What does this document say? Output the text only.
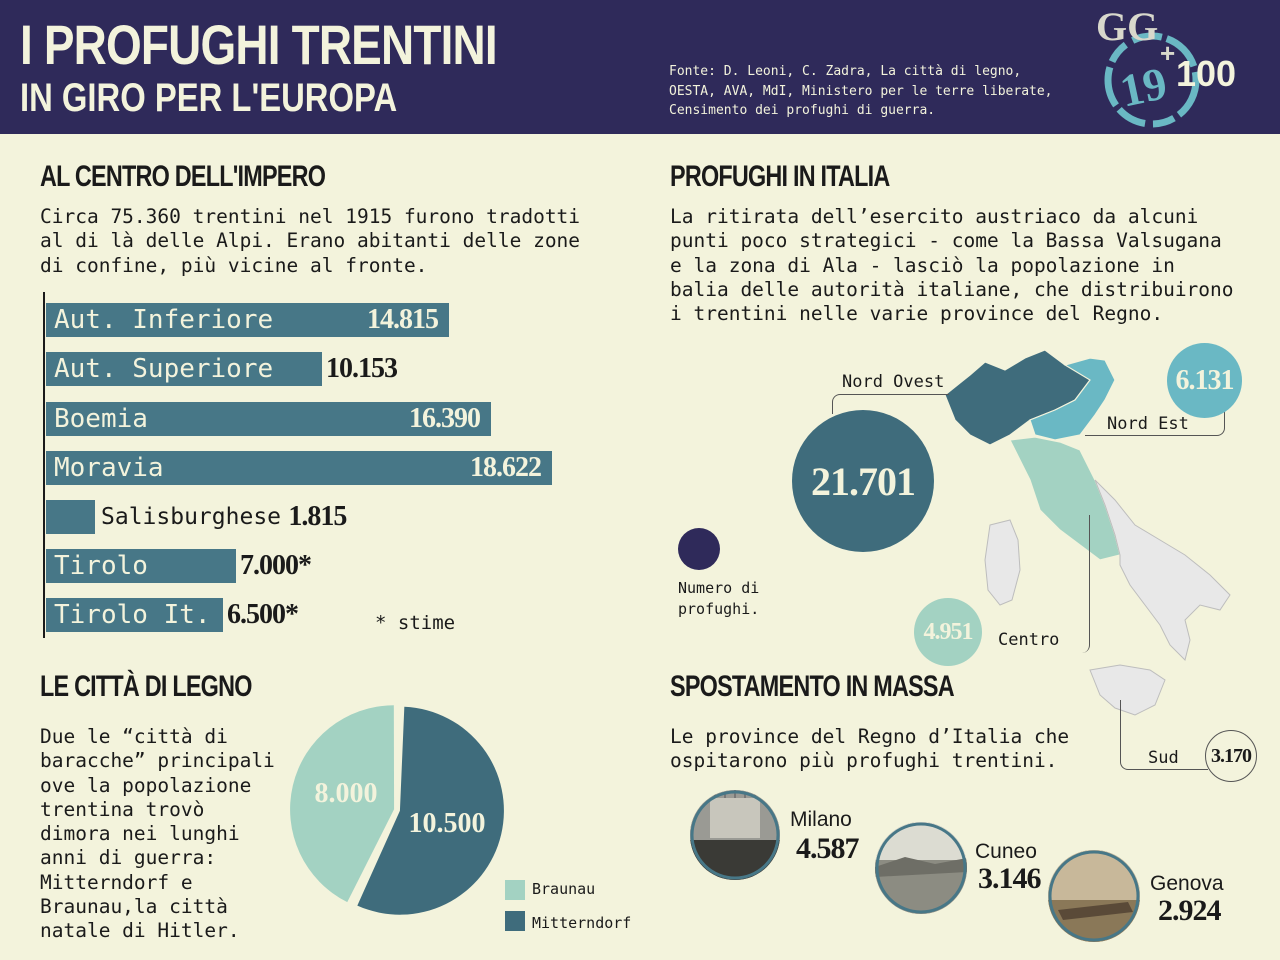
I PROFUGHI TRENTINI
IN GIRO PER L'EUROPA
Fonte: D. Leoni, C. Zadra, La città di legno, OESTA, AVA, MdI, Ministero per le terre liberate, Censimento dei profughi di guerra.
GG
+
19 100
AL CENTRO DELL'IMPERO
Circa 75.360 trentini nel 1915 furono tradotti al di là delle Alpi. Erano abitanti delle zone di confine, più vicine al fronte.
Aut. Inferiore	14.815
Aut. Superiore 10.153
Boemia	16.390
Moravia	18.622
Salisburghese 1.815
Tirolo	7.000*
Tirolo It. 6.500*	* stime
LE CITTÀ DI LEGNO
Due le “città di baracche” principali ove la popolazione trentina trovò dimora nei lunghi anni di guerra: Mitterndorf e Braunau,la città natale di Hitler.
10.500
8.000
Braunau
Mitterndorf
PROFUGHI IN ITALIA
La ritirata dell’esercito austriaco da alcuni punti poco strategici - come la Bassa Valsugana e la zona di Ala - lasciò la popolazione in balia delle autorità italiane, che distribuirono i trentini nelle varie province del Regno.
21.701
Nord Ovest	6.131
Nord Est
4.951	Centro
3.170
Sud
Numero di profughi.
SPOSTAMENTO IN MASSA
Le province del Regno d’Italia che ospitarono più profughi trentini.
Milano
4.587	Cuneo
3.146	Genova
2.924
